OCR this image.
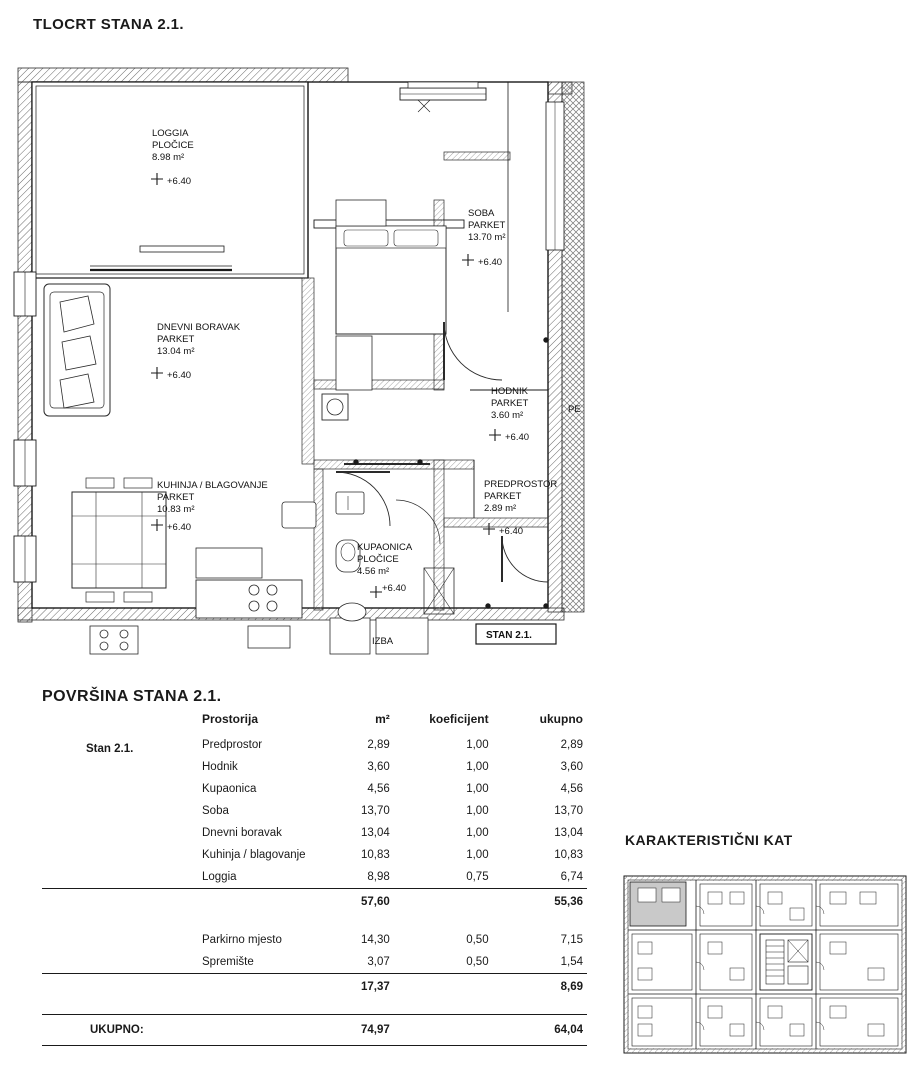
TLOCRT STANA 2.1.
LOGGIA
PLOČICE
8.98 m²
+6.40
SOBA
PARKET
13.70 m²
+6.40
DNEVNI BORAVAK
PARKET
13.04 m²
+6.40
HODNIK
PARKET
3.60 m²
+6.40
KUHINJA / BLAGOVANJE
PARKET
10.83 m²
+6.40
PREDPROSTOR
PARKET
2.89 m²
+6.40
KUPAONICA
PLOČICE
4.56 m²
+6.40
IZBA
PE
STAN 2.1.
POVRŠINA STANA 2.1.
Stan 2.1.
Prostorija	m²	koeficijent	ukupno
Predprostor	2,89	1,00	2,89
Hodnik	3,60	1,00	3,60
Kupaonica	4,56	1,00	4,56
Soba	13,70	1,00	13,70
Dnevni boravak	13,04	1,00	13,04
Kuhinja / blagovanje	10,83	1,00	10,83
Loggia	8,98	0,75	6,74
	57,60		55,36

Parkirno mjesto	14,30	0,50	7,15
Spremište	3,07	0,50	1,54
	17,37		8,69

UKUPNO:	74,97		64,04
KARAKTERISTIČNI KAT
